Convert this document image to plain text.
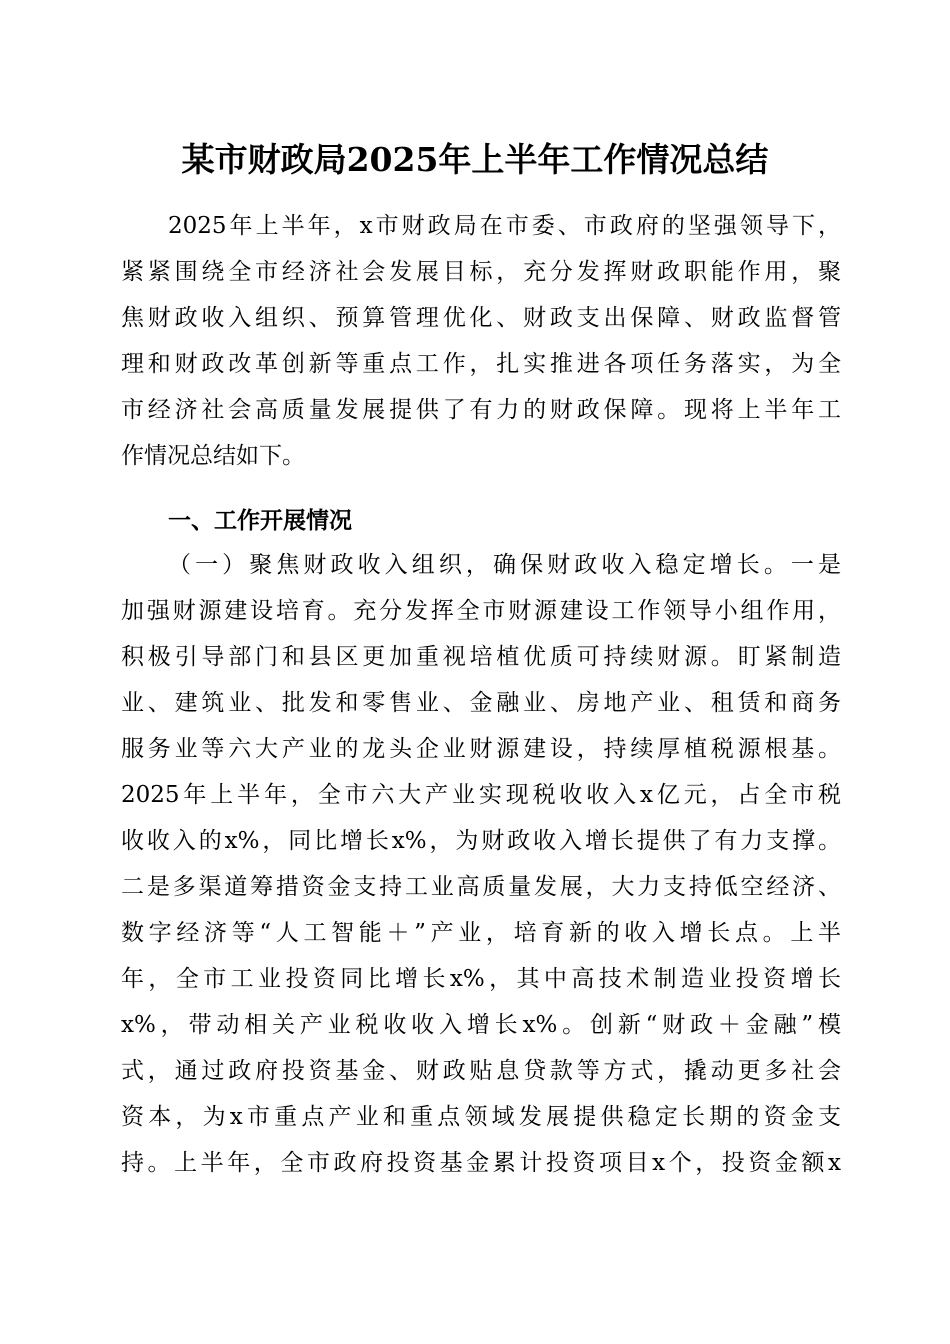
某市财政局2025年上半年工作情况总结
2025年上半年，x市财政局在市委、市政府的坚强领导下，
紧紧围绕全市经济社会发展目标，充分发挥财政职能作用，聚
焦财政收入组织、预算管理优化、财政支出保障、财政监督管
理和财政改革创新等重点工作，扎实推进各项任务落实，为全
市经济社会高质量发展提供了有力的财政保障。现将上半年工
作情况总结如下。
一、工作开展情况
（一）聚焦财政收入组织，确保财政收入稳定增长。一是
加强财源建设培育。充分发挥全市财源建设工作领导小组作用，
积极引导部门和县区更加重视培植优质可持续财源。盯紧制造
业、建筑业、批发和零售业、金融业、房地产业、租赁和商务
服务业等六大产业的龙头企业财源建设，持续厚植税源根基。
2025年上半年，全市六大产业实现税收收入x亿元，占全市税
收收入的x%，同比增长x%，为财政收入增长提供了有力支撑。
二是多渠道筹措资金支持工业高质量发展，大力支持低空经济、
数字经济等“人工智能＋”产业，培育新的收入增长点。上半
年，全市工业投资同比增长x%，其中高技术制造业投资增长
x%，带动相关产业税收收入增长x%。创新“财政＋金融”模
式，通过政府投资基金、财政贴息贷款等方式，撬动更多社会
资本，为x市重点产业和重点领域发展提供稳定长期的资金支
持。上半年，全市政府投资基金累计投资项目x个，投资金额x
